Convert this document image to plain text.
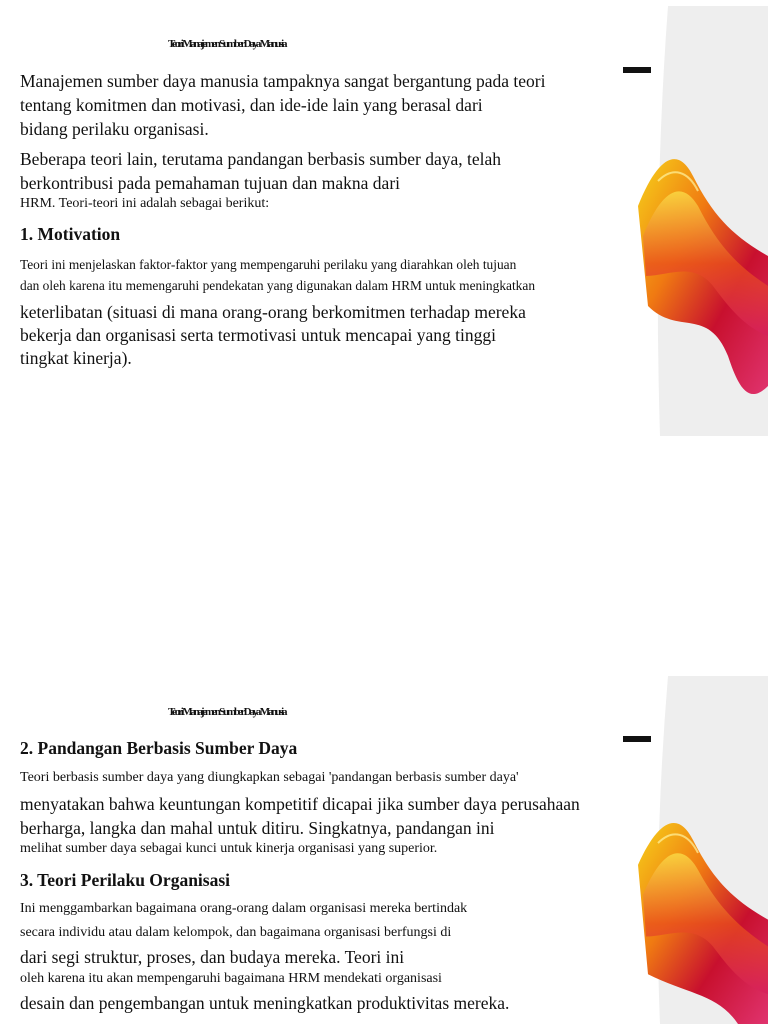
Teori Manajemen Sumber Daya Manusia
Manajemen sumber daya manusia tampaknya sangat bergantung pada teori
tentang komitmen dan motivasi, dan ide-ide lain yang berasal dari
bidang perilaku organisasi.
Beberapa teori lain, terutama pandangan berbasis sumber daya, telah
berkontribusi pada pemahaman tujuan dan makna dari
HRM. Teori-teori ini adalah sebagai berikut:
1. Motivation
Teori ini menjelaskan faktor-faktor yang mempengaruhi perilaku yang diarahkan oleh tujuan
dan oleh karena itu memengaruhi pendekatan yang digunakan dalam HRM untuk meningkatkan
keterlibatan (situasi di mana orang-orang berkomitmen terhadap mereka
bekerja dan organisasi serta termotivasi untuk mencapai yang tinggi
tingkat kinerja).
Teori Manajemen Sumber Daya Manusia
2. Pandangan Berbasis Sumber Daya
Teori berbasis sumber daya yang diungkapkan sebagai 'pandangan berbasis sumber daya'
menyatakan bahwa keuntungan kompetitif dicapai jika sumber daya perusahaan
berharga, langka dan mahal untuk ditiru. Singkatnya, pandangan ini
melihat sumber daya sebagai kunci untuk kinerja organisasi yang superior.
3. Teori Perilaku Organisasi
Ini menggambarkan bagaimana orang-orang dalam organisasi mereka bertindak
secara individu atau dalam kelompok, dan bagaimana organisasi berfungsi di
dari segi struktur, proses, dan budaya mereka. Teori ini
oleh karena itu akan mempengaruhi bagaimana HRM mendekati organisasi
desain dan pengembangan untuk meningkatkan produktivitas mereka.
